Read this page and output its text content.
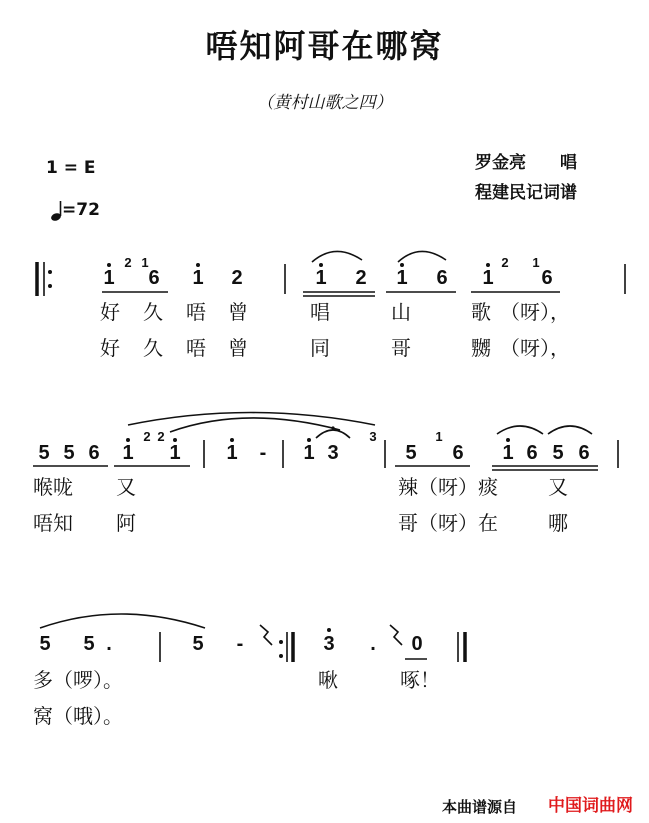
唔知阿哥在哪窝
（黄村山歌之四）
1 = E
=72
罗金亮　　唱
程建民记词谱
1
2 1
6 1 2	1 2 1 6 1
2	1
6
好 久 唔 曾	唱	山	歌 （呀），
好 久 唔 曾	同	哥	嬲 （呀），
5 5 6 1
2 2
1 1	-	1 3
3
5
1
6 1 6 5 6
喉咙 又	辣（呀）痰	又
唔知 阿	哥（呀）在	哪
5 5 .	5	-	3	.	0
多（啰）。	啾	啄！
窝（哦）。
本曲谱源自 中国词曲网
